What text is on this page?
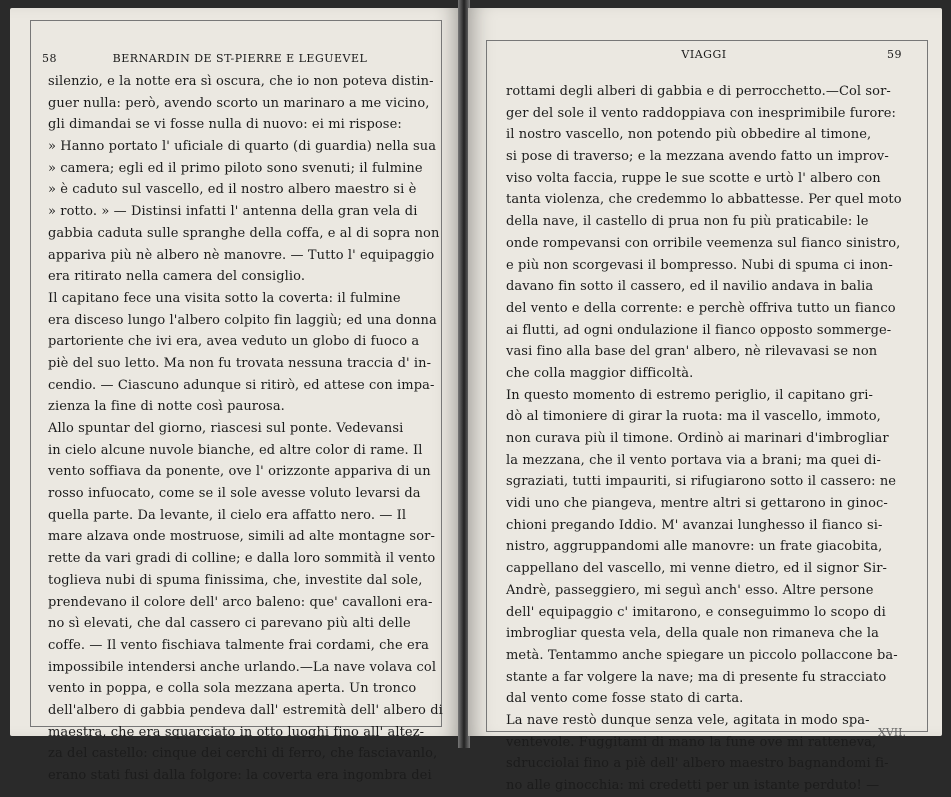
58	BERNARDIN DE ST-PIERRE E LEGUEVEL
silenzio, e la notte era sì oscura, che io non poteva distin-
guer nulla: però, avendo scorto un marinaro a me vicino,
gli dimandai se vi fosse nulla di nuovo: ei mi rispose:
» Hanno portato l' uficiale di quarto (di guardia) nella sua
» camera; egli ed il primo piloto sono svenuti; il fulmine
» è caduto sul vascello, ed il nostro albero maestro si è
» rotto. » — Distinsi infatti l' antenna della gran vela di
gabbia caduta sulle spranghe della coffa, e al di sopra non
appariva più nè albero nè manovre. — Tutto l' equipaggio
era ritirato nella camera del consiglio.
Il capitano fece una visita sotto la coverta: il fulmine
era disceso lungo l'albero colpito fin laggiù; ed una donna
partoriente che ivi era, avea veduto un globo di fuoco a
piè del suo letto. Ma non fu trovata nessuna traccia d' in-
cendio. — Ciascuno adunque si ritirò, ed attese con impa-
zienza la fine di notte così paurosa.
Allo spuntar del giorno, riascesi sul ponte. Vedevansi
in cielo alcune nuvole bianche, ed altre color di rame. Il
vento soffiava da ponente, ove l' orizzonte appariva di un
rosso infuocato, come se il sole avesse voluto levarsi da
quella parte. Da levante, il cielo era affatto nero. — Il
mare alzava onde mostruose, simili ad alte montagne sor-
rette da vari gradi di colline; e dalla loro sommità il vento
toglieva nubi di spuma finissima, che, investite dal sole,
prendevano il colore dell' arco baleno: que' cavalloni era-
no sì elevati, che dal cassero ci parevano più alti delle
coffe. — Il vento fischiava talmente frai cordami, che era
impossibile intendersi anche urlando.—La nave volava col
vento in poppa, e colla sola mezzana aperta. Un tronco
dell'albero di gabbia pendeva dall' estremità dell' albero di
maestra, che era squarciato in otto luoghi fino all' altez-
za del castello: cinque dei cerchi di ferro, che fasciavanlo,
erano stati fusi dalla folgore: la coverta era ingombra dei
VIAGGI	59
rottami degli alberi di gabbia e di perrocchetto.—Col sor-
ger del sole il vento raddoppiava con inesprimibile furore:
il nostro vascello, non potendo più obbedire al timone,
si pose di traverso; e la mezzana avendo fatto un improv-
viso volta faccia, ruppe le sue scotte e urtò l' albero con
tanta violenza, che credemmo lo abbattesse. Per quel moto
della nave, il castello di prua non fu più praticabile: le
onde rompevansi con orribile veemenza sul fianco sinistro,
e più non scorgevasi il bompresso. Nubi di spuma ci inon-
davano fin sotto il cassero, ed il navilio andava in balia
del vento e della corrente: e perchè offriva tutto un fianco
ai flutti, ad ogni ondulazione il fianco opposto sommerge-
vasi fino alla base del gran' albero, nè rilevavasi se non
che colla maggior difficoltà.
In questo momento di estremo periglio, il capitano gri-
dò al timoniere di girar la ruota: ma il vascello, immoto,
non curava più il timone. Ordinò ai marinari d'imbrogliar
la mezzana, che il vento portava via a brani; ma quei di-
sgraziati, tutti impauriti, si rifugiarono sotto il cassero: ne
vidi uno che piangeva, mentre altri si gettarono in ginoc-
chioni pregando Iddio. M' avanzai lunghesso il fianco si-
nistro, aggruppandomi alle manovre: un frate giacobita,
cappellano del vascello, mi venne dietro, ed il signor Sir-
Andrè, passeggiero, mi seguì anch' esso. Altre persone
dell' equipaggio c' imitarono, e conseguimmo lo scopo di
imbrogliar questa vela, della quale non rimaneva che la
metà. Tentammo anche spiegare un piccolo pollaccone ba-
stante a far volgere la nave; ma di presente fu stracciato
dal vento come fosse stato di carta.
La nave restò dunque senza vele, agitata in modo spa-
ventevole. Fuggitami di mano la fune ove mi ratteneva,
sdrucciolai fino a piè dell' albero maestro bagnandomi fi-
no alle ginocchia: mi credetti per un istante perduto! —
XVII.
